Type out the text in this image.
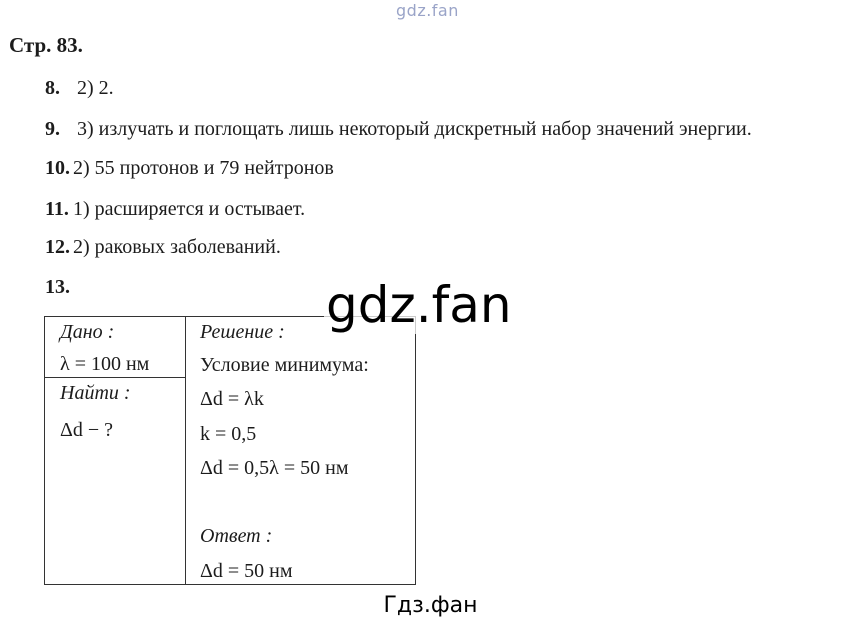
gdz.fan
Стр. 83.
8. 2) 2.
9. 3) излучать и поглощать лишь некоторый дискретный набор значений энергии.
10. 2) 55 протонов и 79 нейтронов
11. 1) расширяется и остывает.
12. 2) раковых заболеваний.
13.
Дано :
λ = 100 нм
Найти :
Δd − ?
Решение :
Условие минимума:
Δd = λk
k = 0,5
Δd = 0,5λ = 50 нм
Ответ :
Δd = 50 нм
gdz.fan
Гдз.фан
